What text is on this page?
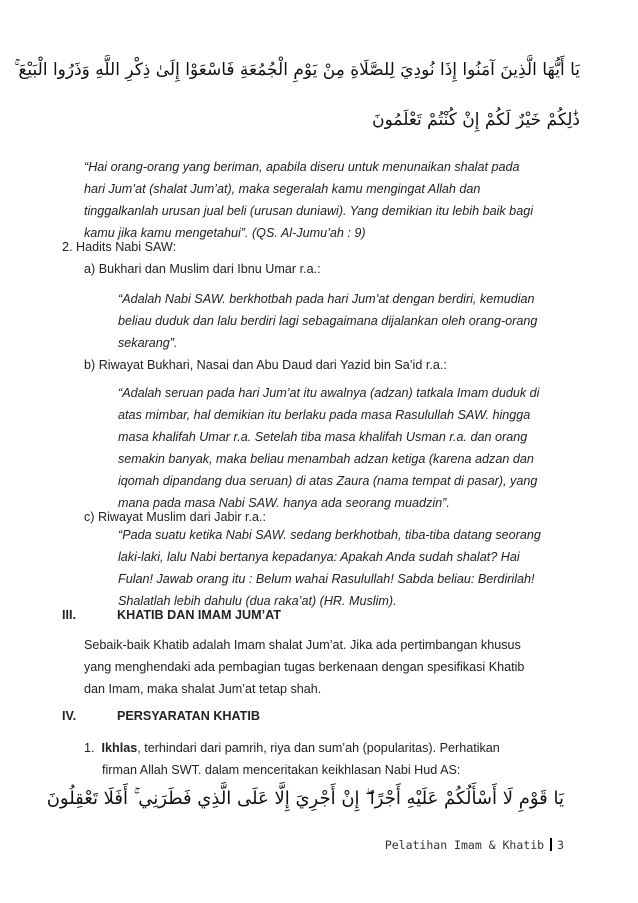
يَا أَيُّهَا الَّذِينَ آمَنُوا إِذَا نُودِيَ لِلصَّلَاةِ مِنْ يَوْمِ الْجُمُعَةِ فَاسْعَوْا إِلَىٰ ذِكْرِ اللَّهِ وَذَرُوا الْبَيْعَ ۚ
ذَٰلِكُمْ خَيْرٌ لَكُمْ إِنْ كُنْتُمْ تَعْلَمُونَ
“Hai orang-orang yang beriman, apabila diseru untuk menunaikan shalat pada
hari Jum’at (shalat Jum’at), maka segeralah kamu mengingat Allah dan
tinggalkanlah urusan jual beli (urusan duniawi). Yang demikian itu lebih baik bagi
kamu jika kamu mengetahui”. (QS. Al-Jumu’ah : 9)
2. Hadits Nabi SAW:
a) Bukhari dan Muslim dari Ibnu Umar r.a.:
“Adalah Nabi SAW. berkhotbah pada hari Jum’at dengan berdiri, kemudian
beliau duduk dan lalu berdiri lagi sebagaimana dijalankan oleh orang-orang
sekarang”.
b) Riwayat Bukhari, Nasai dan Abu Daud dari Yazid bin Sa’id r.a.:
“Adalah seruan pada hari Jum’at itu awalnya (adzan) tatkala Imam duduk di
atas mimbar, hal demikian itu berlaku pada masa Rasulullah SAW. hingga
masa khalifah Umar r.a. Setelah tiba masa khalifah Usman r.a. dan orang
semakin banyak, maka beliau menambah adzan ketiga (karena adzan dan
iqomah dipandang dua seruan) di atas Zaura (nama tempat di pasar), yang
mana pada masa Nabi SAW. hanya ada seorang muadzin”.
c) Riwayat Muslim dari Jabir r.a.:
“Pada suatu ketika Nabi SAW. sedang berkhotbah, tiba-tiba datang seorang
laki-laki, lalu Nabi bertanya kepadanya: Apakah Anda sudah shalat? Hai
Fulan! Jawab orang itu : Belum wahai Rasulullah! Sabda beliau: Berdirilah!
Shalatlah lebih dahulu (dua raka’at) (HR. Muslim).
III.	KHATIB DAN IMAM JUM’AT
Sebaik-baik Khatib adalah Imam shalat Jum’at. Jika ada pertimbangan khusus
yang menghendaki ada pembagian tugas berkenaan dengan spesifikasi Khatib
dan Imam, maka shalat Jum’at tetap shah.
IV.	PERSYARATAN KHATIB
1. Ikhlas, terhindari dari pamrih, riya dan sum’ah (popularitas). Perhatikan
firman Allah SWT. dalam menceritakan keikhlasan Nabi Hud AS:
يَا قَوْمِ لَا أَسْأَلُكُمْ عَلَيْهِ أَجْرًا ۖ إِنْ أَجْرِيَ إِلَّا عَلَى الَّذِي فَطَرَنِي ۚ أَفَلَا تَعْقِلُونَ
Pelatihan Imam & Khatib 3
